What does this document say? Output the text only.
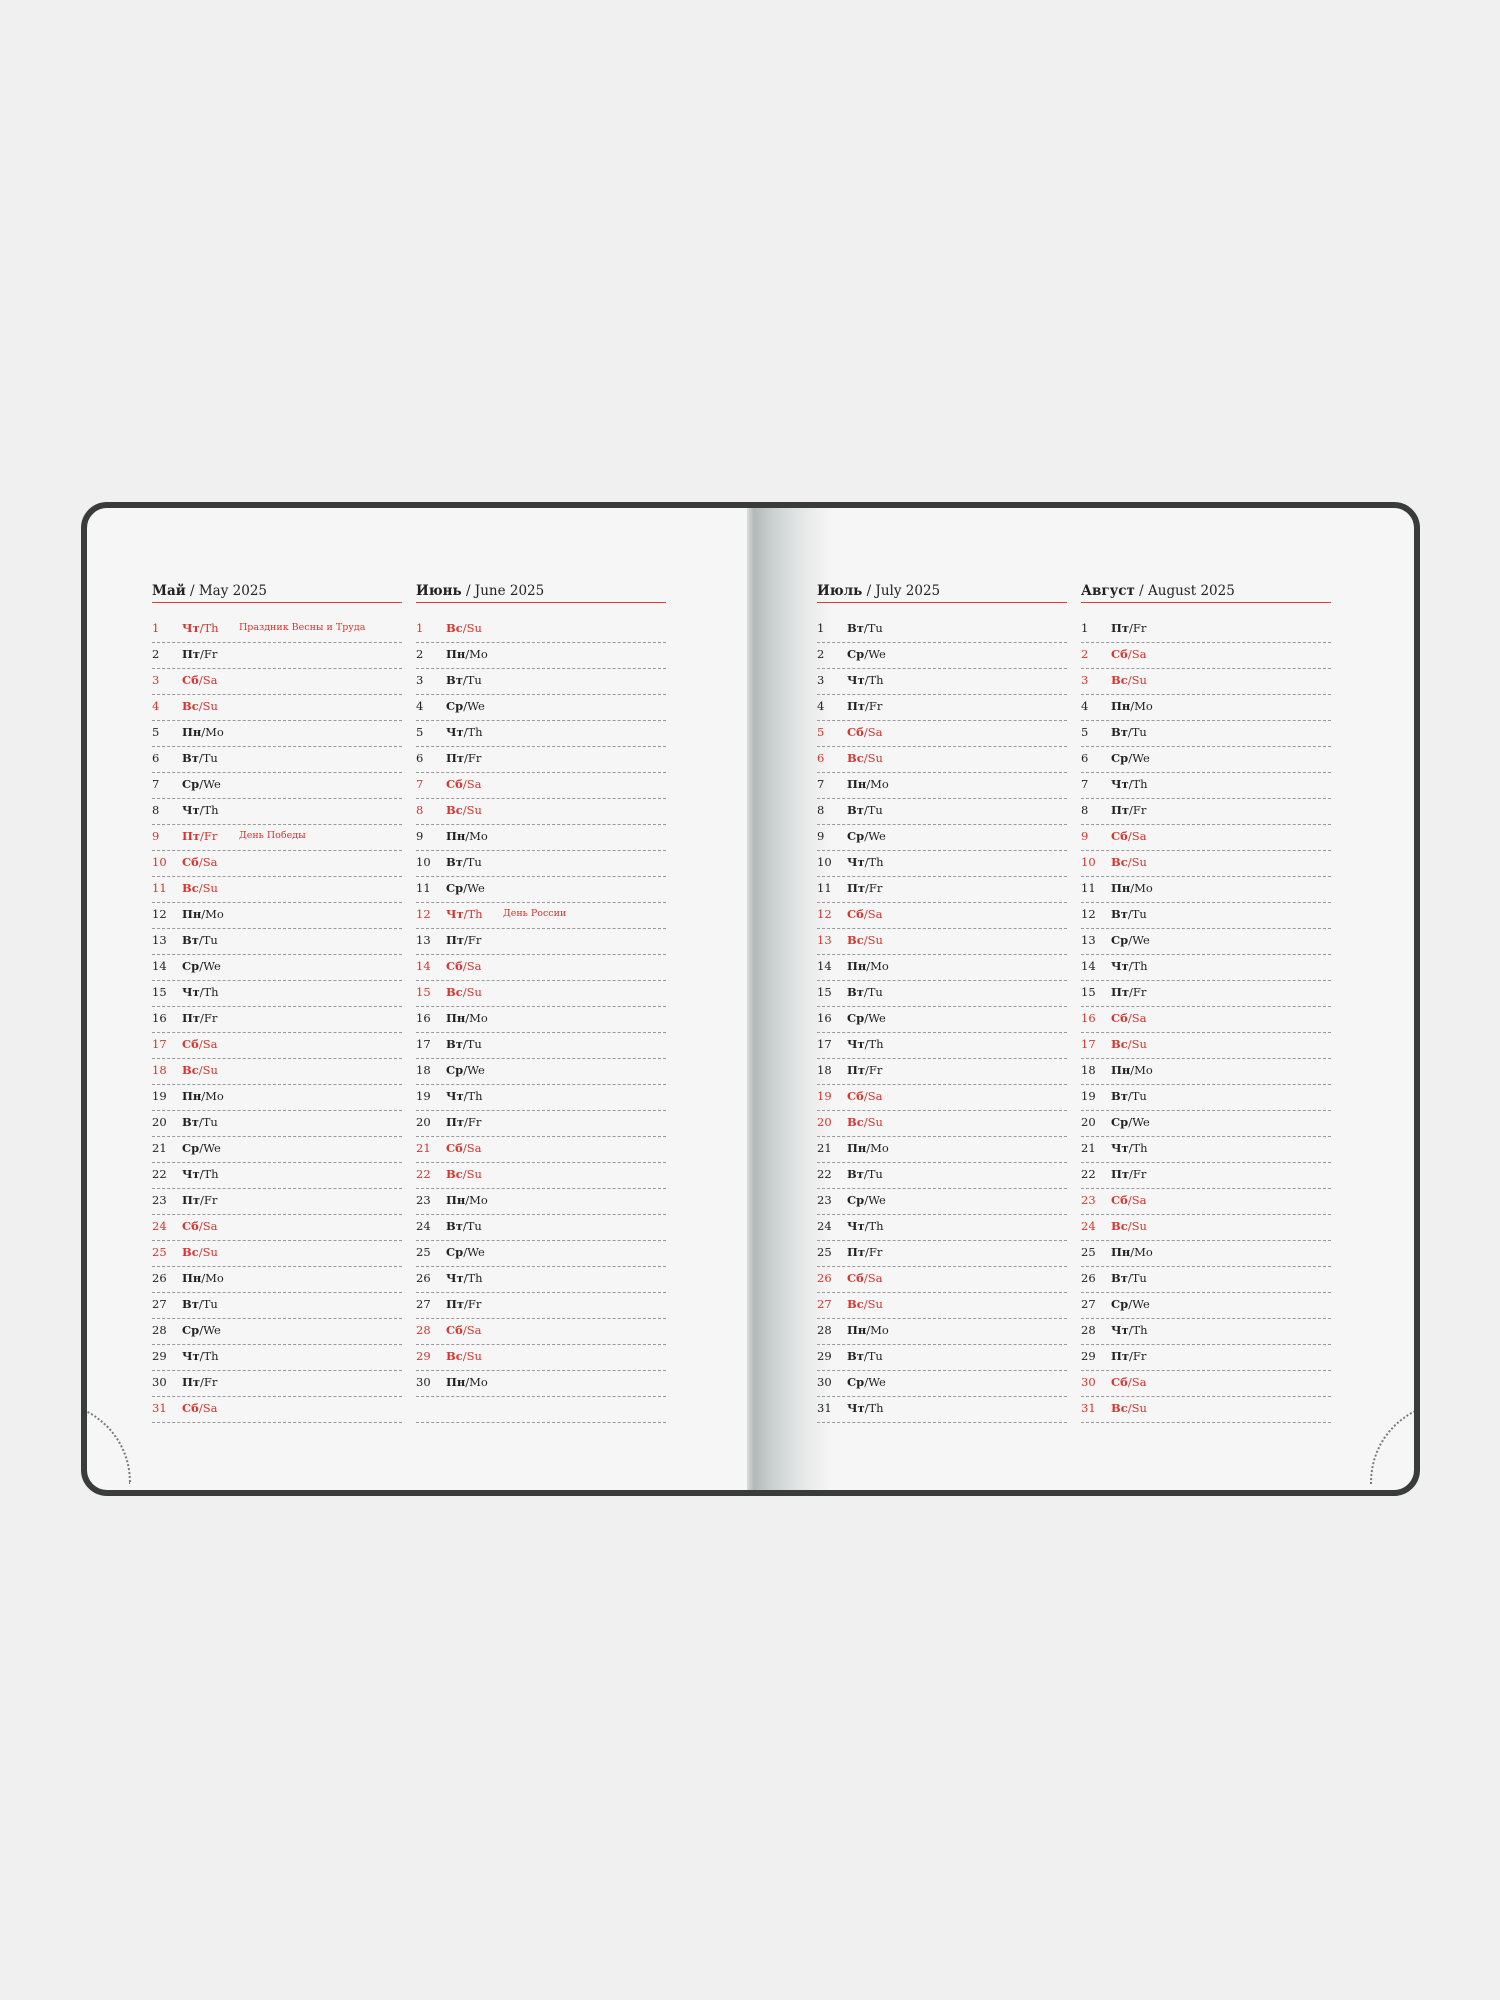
Май / May 2025
1	Чт/Th Праздник Весны и Труда
2	Пт/Fr
3	Сб/Sa
4	Вс/Su
5	Пн/Mo
6	Вт/Tu
7	Ср/We
8	Чт/Th
9	Пт/Fr День Победы
10	Сб/Sa
11	Вс/Su
12	Пн/Mo
13	Вт/Tu
14	Ср/We
15	Чт/Th
16	Пт/Fr
17	Сб/Sa
18	Вс/Su
19	Пн/Mo
20	Вт/Tu
21	Ср/We
22	Чт/Th
23	Пт/Fr
24	Сб/Sa
25	Вс/Su
26	Пн/Mo
27	Вт/Tu
28	Ср/We
29	Чт/Th
30	Пт/Fr
31	Сб/Sa
Июнь / June 2025
1	Вс/Su
2	Пн/Mo
3	Вт/Tu
4	Ср/We
5	Чт/Th
6	Пт/Fr
7	Сб/Sa
8	Вс/Su
9	Пн/Mo
10	Вт/Tu
11	Ср/We
12	Чт/Th День России
13	Пт/Fr
14	Сб/Sa
15	Вс/Su
16	Пн/Mo
17	Вт/Tu
18	Ср/We
19	Чт/Th
20	Пт/Fr
21	Сб/Sa
22	Вс/Su
23	Пн/Mo
24	Вт/Tu
25	Ср/We
26	Чт/Th
27	Пт/Fr
28	Сб/Sa
29	Вс/Su
30	Пн/Mo
Июль / July 2025
1	Вт/Tu
2	Ср/We
3	Чт/Th
4	Пт/Fr
5	Сб/Sa
6	Вс/Su
7	Пн/Mo
8	Вт/Tu
9	Ср/We
10	Чт/Th
11	Пт/Fr
12	Сб/Sa
13	Вс/Su
14	Пн/Mo
15	Вт/Tu
16	Ср/We
17	Чт/Th
18	Пт/Fr
19	Сб/Sa
20	Вс/Su
21	Пн/Mo
22	Вт/Tu
23	Ср/We
24	Чт/Th
25	Пт/Fr
26	Сб/Sa
27	Вс/Su
28	Пн/Mo
29	Вт/Tu
30	Ср/We
31	Чт/Th
Август / August 2025
1	Пт/Fr
2	Сб/Sa
3	Вс/Su
4	Пн/Mo
5	Вт/Tu
6	Ср/We
7	Чт/Th
8	Пт/Fr
9	Сб/Sa
10	Вс/Su
11	Пн/Mo
12	Вт/Tu
13	Ср/We
14	Чт/Th
15	Пт/Fr
16	Сб/Sa
17	Вс/Su
18	Пн/Mo
19	Вт/Tu
20	Ср/We
21	Чт/Th
22	Пт/Fr
23	Сб/Sa
24	Вс/Su
25	Пн/Mo
26	Вт/Tu
27	Ср/We
28	Чт/Th
29	Пт/Fr
30	Сб/Sa
31	Вс/Su
